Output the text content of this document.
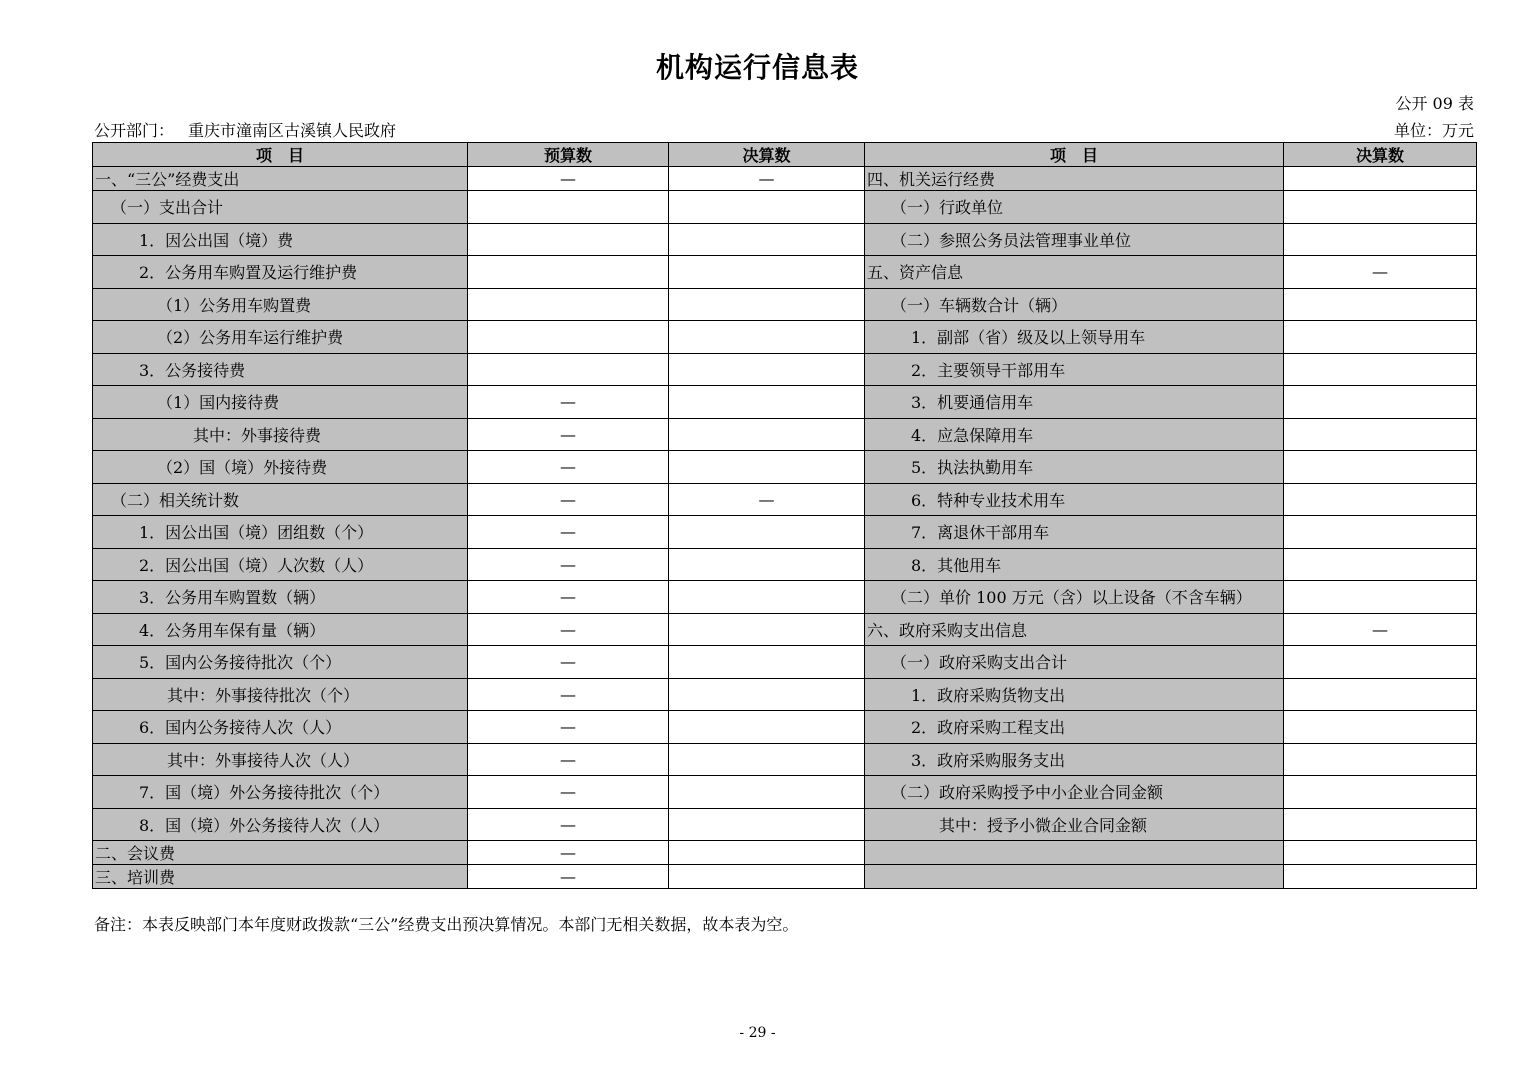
机构运行信息表
公开 09 表
公开部门： 重庆市潼南区古溪镇人民政府	单位：万元
项　目	预算数	决算数	项　目	决算数
一、“三公”经费支出	—	—	四、机关运行经费	
（一）支出合计			（一）行政单位	
1．因公出国（境）费			（二）参照公务员法管理事业单位	
2．公务用车购置及运行维护费			五、资产信息	—
（1）公务用车购置费			（一）车辆数合计（辆）	
（2）公务用车运行维护费			1．副部（省）级及以上领导用车	
3．公务接待费			2．主要领导干部用车	
（1）国内接待费	—		3．机要通信用车	
其中：外事接待费	—		4．应急保障用车	
（2）国（境）外接待费	—		5．执法执勤用车	
（二）相关统计数	—	—	6．特种专业技术用车	
1．因公出国（境）团组数（个）	—		7．离退休干部用车	
2．因公出国（境）人次数（人）	—		8．其他用车	
3．公务用车购置数（辆）	—		（二）单价 100 万元（含）以上设备（不含车辆）	
4．公务用车保有量（辆）	—		六、政府采购支出信息	—
5．国内公务接待批次（个）	—		（一）政府采购支出合计	
其中：外事接待批次（个）	—		1．政府采购货物支出	
6．国内公务接待人次（人）	—		2．政府采购工程支出	
其中：外事接待人次（人）	—		3．政府采购服务支出	
7．国（境）外公务接待批次（个）	—		（二）政府采购授予中小企业合同金额	
8．国（境）外公务接待人次（人）	—		其中：授予小微企业合同金额	
二、会议费	—			
三、培训费	—			
备注：本表反映部门本年度财政拨款“三公”经费支出预决算情况。本部门无相关数据，故本表为空。
- 29 -
